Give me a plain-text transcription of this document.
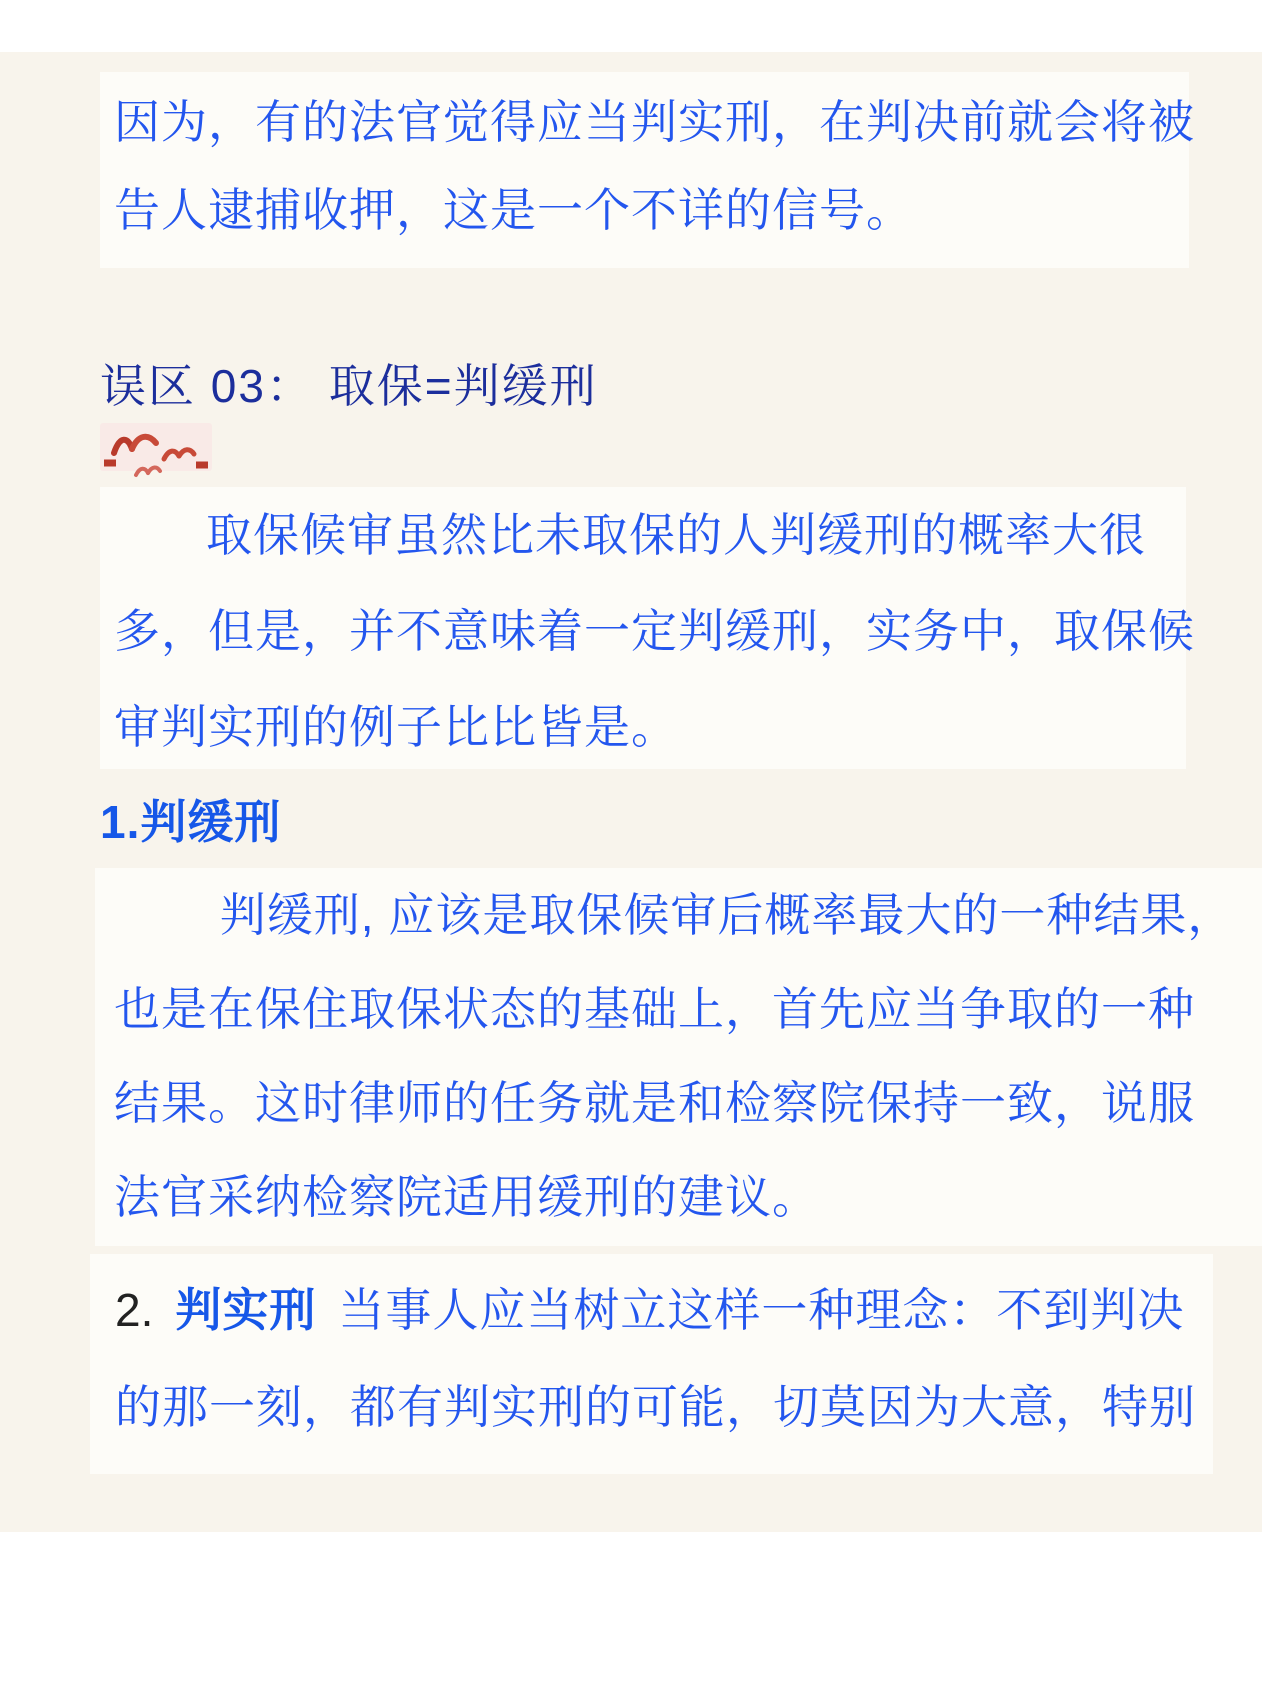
因为，有的法官觉得应当判实刑，在判决前就会将被
告人逮捕收押，这是一个不详的信号。
误区 03： 取保=判缓刑
取保候审虽然比未取保的人判缓刑的概率大很
多，但是，并不意味着一定判缓刑，实务中，取保候
审判实刑的例子比比皆是。
1.判缓刑
判缓刑, 应该是取保候审后概率最大的一种结果，
也是在保住取保状态的基础上，首先应当争取的一种
结果。这时律师的任务就是和检察院保持一致，说服
法官采纳检察院适用缓刑的建议。
2. 判实刑 当事人应当树立这样一种理念：不到判决
的那一刻，都有判实刑的可能，切莫因为大意，特别
